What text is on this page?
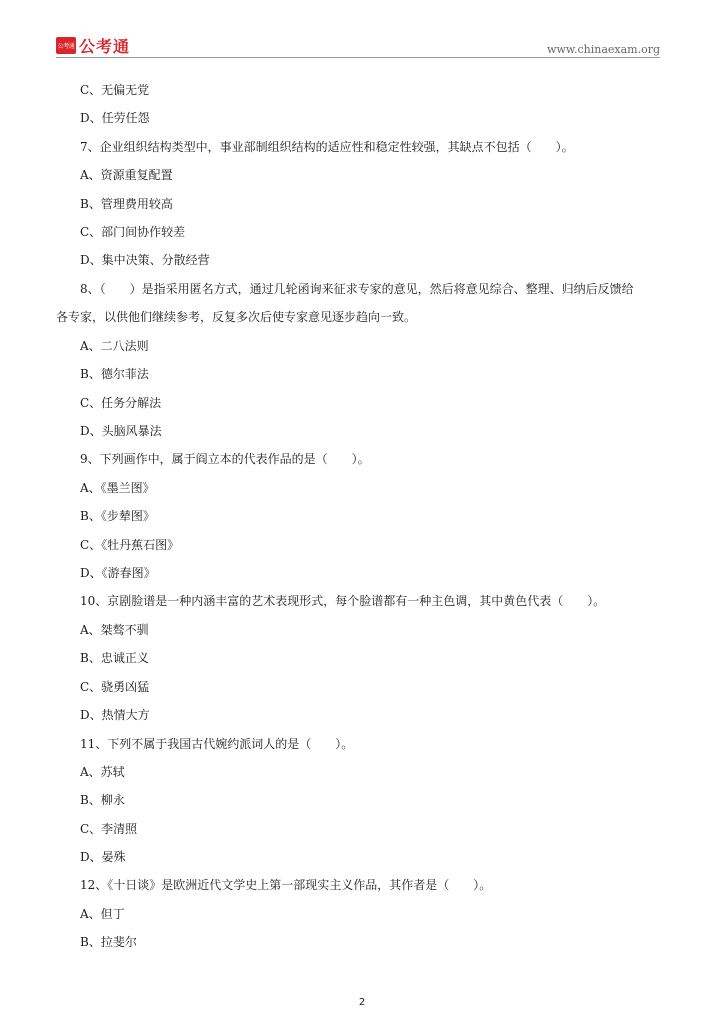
公考通 公考通	www.chinaexam.org
C、无偏无党
D、任劳任怨
7、企业组织结构类型中，事业部制组织结构的适应性和稳定性较强，其缺点不包括（　　）。
A、资源重复配置
B、管理费用较高
C、部门间协作较差
D、集中决策、分散经营
8、（　　）是指采用匿名方式，通过几轮函询来征求专家的意见，然后将意见综合、整理、归纳后反馈给
各专家，以供他们继续参考，反复多次后使专家意见逐步趋向一致。
A、二八法则
B、德尔菲法
C、任务分解法
D、头脑风暴法
9、下列画作中，属于阎立本的代表作品的是（　　）。
A、《墨兰图》
B、《步辇图》
C、《牡丹蕉石图》
D、《游春图》
10、京剧脸谱是一种内涵丰富的艺术表现形式，每个脸谱都有一种主色调，其中黄色代表（　　）。
A、桀骜不驯
B、忠诚正义
C、骁勇凶猛
D、热情大方
11、下列不属于我国古代婉约派词人的是（　　）。
A、苏轼
B、柳永
C、李清照
D、晏殊
12、《十日谈》是欧洲近代文学史上第一部现实主义作品，其作者是（　　）。
A、但丁
B、拉斐尔
2
